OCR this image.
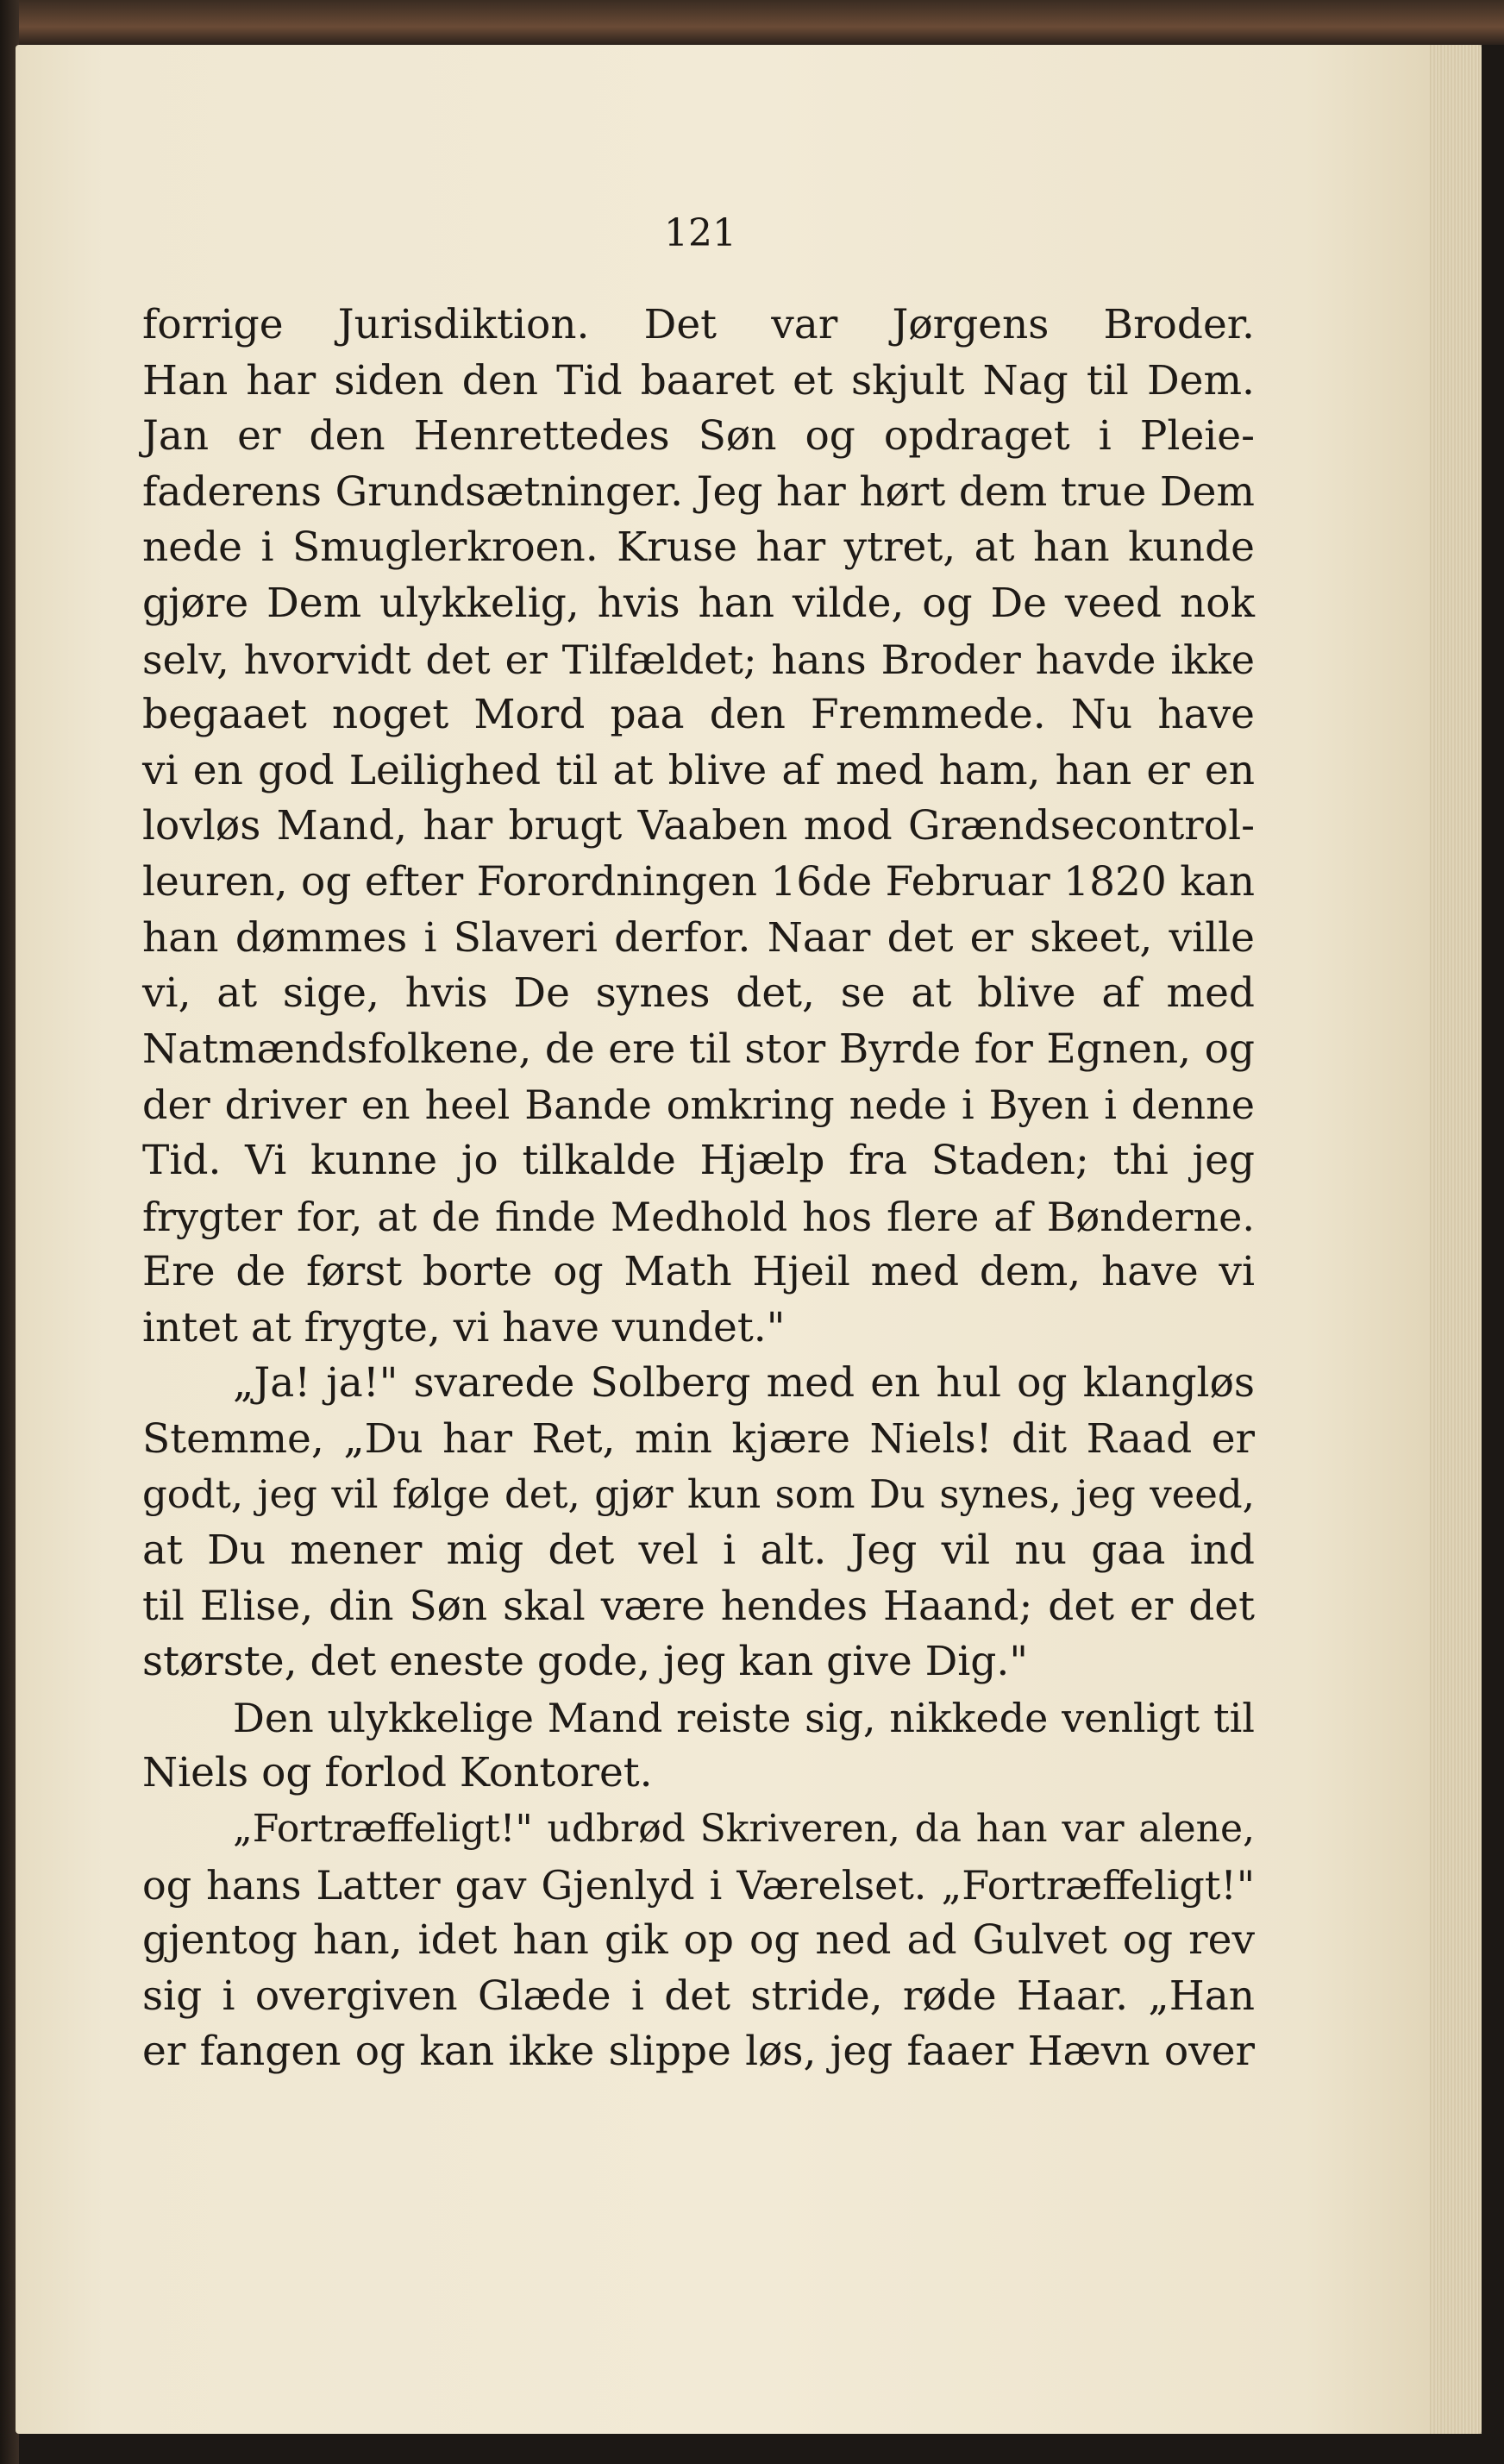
121
forrige Jurisdiktion. Det var Jørgens Broder.
Han har siden den Tid baaret et skjult Nag til Dem.
Jan er den Henrettedes Søn og opdraget i Pleie-
faderens Grundsætninger. Jeg har hørt dem true Dem
nede i Smuglerkroen. Kruse har ytret, at han kunde
gjøre Dem ulykkelig, hvis han vilde, og De veed nok
selv, hvorvidt det er Tilfældet; hans Broder havde ikke
begaaet noget Mord paa den Fremmede. Nu have
vi en god Leilighed til at blive af med ham, han er en
lovløs Mand, har brugt Vaaben mod Grændsecontrol-
leuren, og efter Forordningen 16de Februar 1820 kan
han dømmes i Slaveri derfor. Naar det er skeet, ville
vi, at sige, hvis De synes det, se at blive af med
Natmændsfolkene, de ere til stor Byrde for Egnen, og
der driver en heel Bande omkring nede i Byen i denne
Tid. Vi kunne jo tilkalde Hjælp fra Staden; thi jeg
frygter for, at de finde Medhold hos flere af Bønderne.
Ere de først borte og Math Hjeil med dem, have vi
intet at frygte, vi have vundet."
„Ja! ja!" svarede Solberg med en hul og klangløs
Stemme, „Du har Ret, min kjære Niels! dit Raad er
godt, jeg vil følge det, gjør kun som Du synes, jeg veed,
at Du mener mig det vel i alt. Jeg vil nu gaa ind
til Elise, din Søn skal være hendes Haand; det er det
største, det eneste gode, jeg kan give Dig."
Den ulykkelige Mand reiste sig, nikkede venligt til
Niels og forlod Kontoret.
„Fortræffeligt!" udbrød Skriveren, da han var alene,
og hans Latter gav Gjenlyd i Værelset. „Fortræffeligt!"
gjentog han, idet han gik op og ned ad Gulvet og rev
sig i overgiven Glæde i det stride, røde Haar. „Han
er fangen og kan ikke slippe løs, jeg faaer Hævn over
